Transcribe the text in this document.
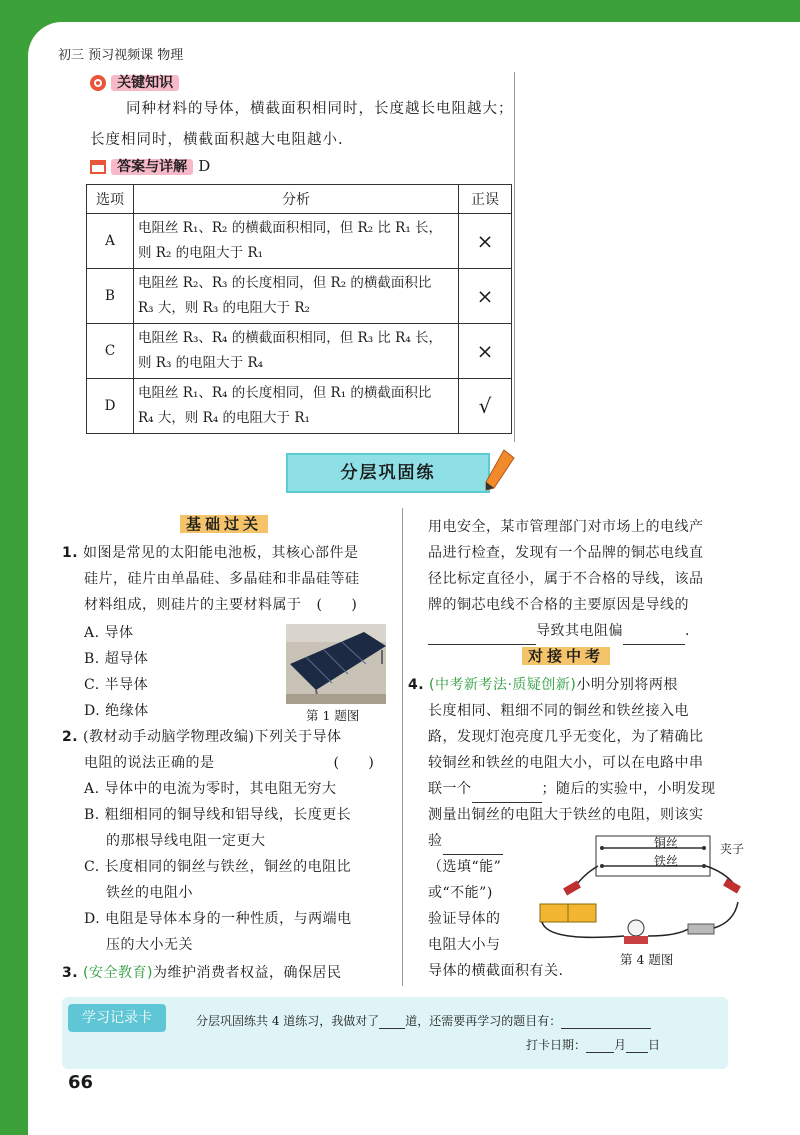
初三 预习视频课 物理
关键知识
同种材料的导体，横截面积相同时，长度越长电阻越大；
长度相同时，横截面积越大电阻越小.
答案与详解 D
选项	分析	正误
A	电阻丝 R₁、R₂ 的横截面积相同，但 R₂ 比 R₁ 长，
则 R₂ 的电阻大于 R₁	×
B	电阻丝 R₂、R₃ 的长度相同，但 R₂ 的横截面积比
R₃ 大，则 R₃ 的电阻大于 R₂	×
C	电阻丝 R₃、R₄ 的横截面积相同，但 R₃ 比 R₄ 长，
则 R₃ 的电阻大于 R₄	×
D	电阻丝 R₁、R₄ 的长度相同，但 R₁ 的横截面积比
R₄ 大，则 R₄ 的电阻大于 R₁	√
分层巩固练
基础过关
1. 如图是常见的太阳能电池板，其核心部件是
硅片，硅片由单晶硅、多晶硅和非晶硅等硅
材料组成，则硅片的主要材料属于 (　　)
A. 导体
B. 超导体
C. 半导体
D. 绝缘体	第 1 题图
2. (教材动手动脑学物理改编)下列关于导体
电阻的说法正确的是	(　　)
A. 导体中的电流为零时，其电阻无穷大
B. 粗细相同的铜导线和铝导线，长度更长
的那根导线电阻一定更大
C. 长度相同的铜丝与铁丝，铜丝的电阻比
铁丝的电阻小
D. 电阻是导体本身的一种性质，与两端电
压的大小无关
3. (安全教育)为维护消费者权益，确保居民
用电安全，某市管理部门对市场上的电线产
品进行检查，发现有一个品牌的铜芯电线直
径比标定直径小，属于不合格的导线，该品
牌的铜芯电线不合格的主要原因是导线的
导致其电阻偏	.
对接中考
4. (中考新考法·质疑创新)小明分别将两根
长度相同、粗细不同的铜丝和铁丝接入电
路，发现灯泡亮度几乎无变化，为了精确比
较铜丝和铁丝的电阻大小，可以在电路中串
联一个	；随后的实验中，小明发现
测量出铜丝的电阻大于铁丝的电阻，则该实
验
（选填“能”
或“不能”)
验证导体的
电阻大小与
导体的横截面积有关.
铜丝
铁丝
夹子
第 4 题图
学习记录卡	分层巩固练共 4 道练习，我做对了 道，还需要再学习的题目有：
打卡日期： 月 日
66
